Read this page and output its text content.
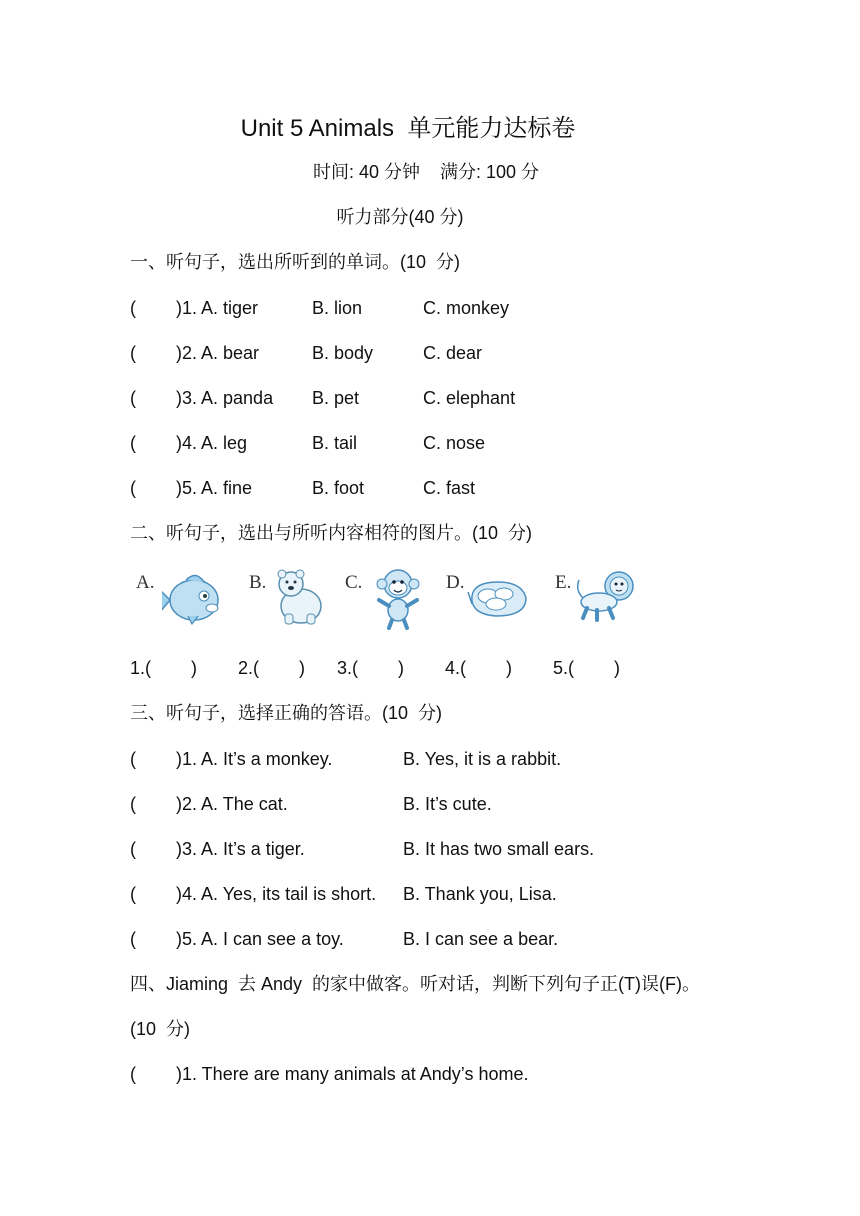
Unit 5 Animals  单元能力达标卷
时间: 40 分钟    满分: 100 分
听力部分(40 分)
一、听句子，选出所听到的单词。(10  分)
( )1. A. tiger	B. lion	C. monkey
( )2. A. bear	B. body	C. dear
( )3. A. panda B. pet	C. elephant
( )4. A. leg	B. tail	C. nose
( )5. A. fine	B. foot	C. fast
二、听句子，选出与所听内容相符的图片。(10  分)
A.	B.	C.	D.	E.
1.(        ) 2.(        ) 3.(        ) 4.(        ) 5.(        )
三、听句子，选择正确的答语。(10  分)
( )1. A. It’s a monkey.	B. Yes, it is a rabbit.
( )2. A. The cat.	B. It’s cute.
( )3. A. It’s a tiger.	B. It has two small ears.
( )4. A. Yes, its tail is short. B. Thank you, Lisa.
( )5. A. I can see a toy.	B. I can see a bear.
四、Jiaming  去 Andy  的家中做客。听对话，判断下列句子正(T)误(F)。
(10  分)
( )1. There are many animals at Andy’s home.
